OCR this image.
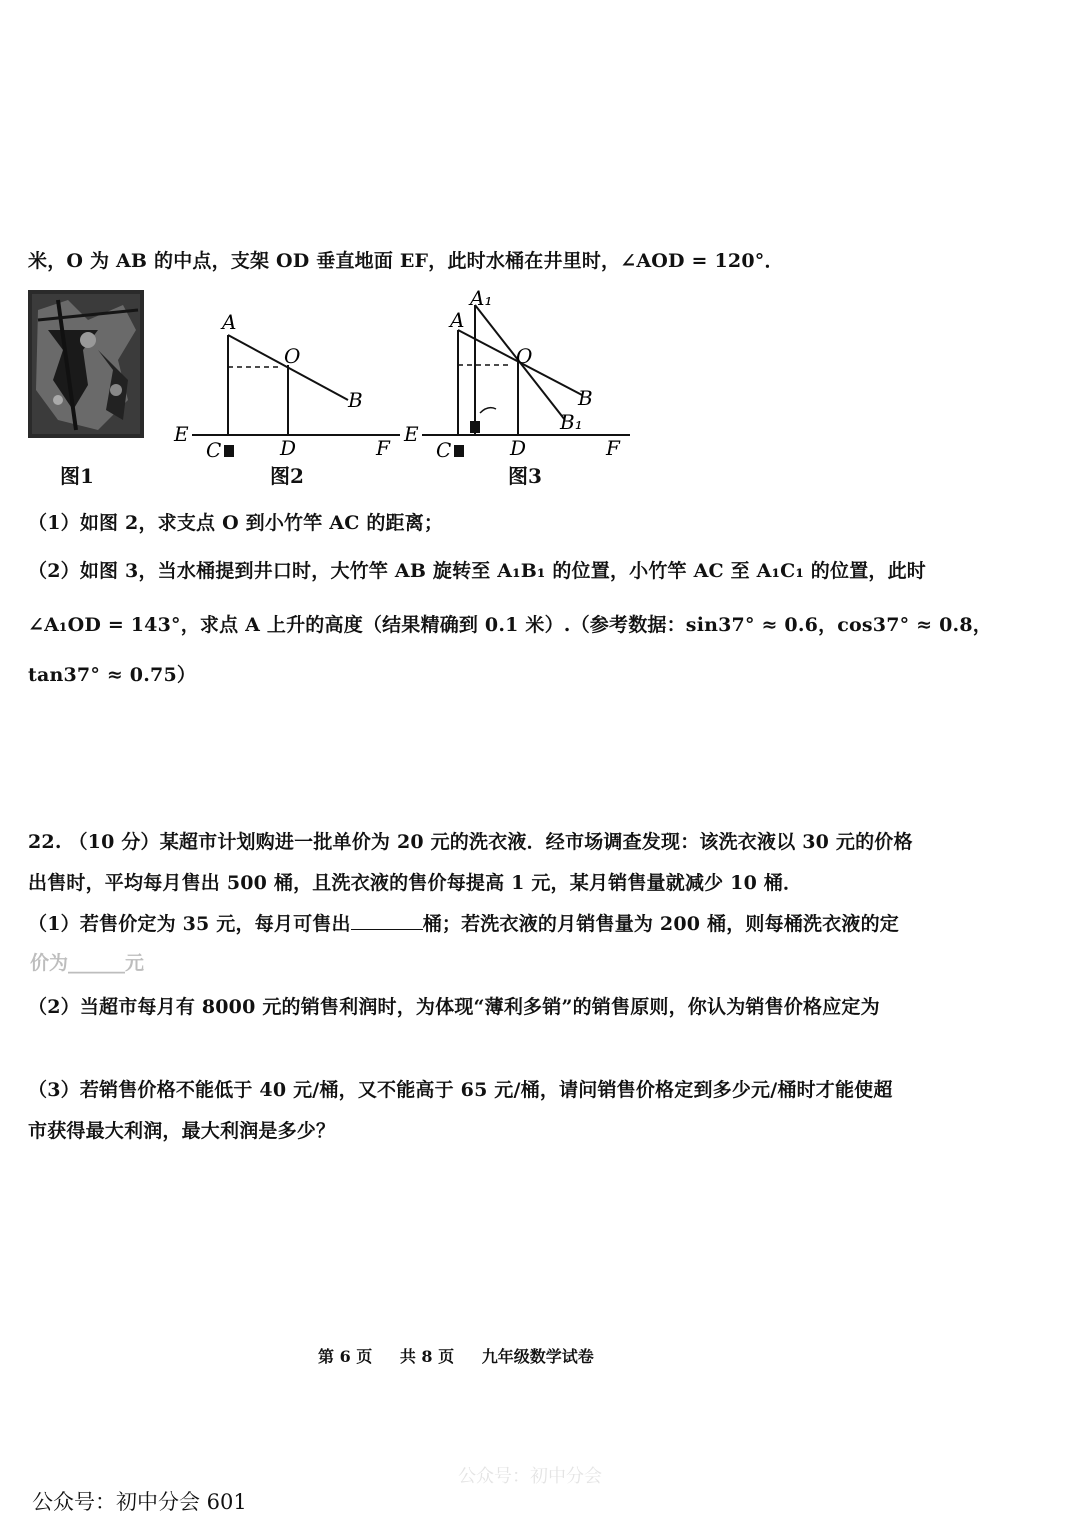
米，O 为 AB 的中点，支架 OD 垂直地面 EF，此时水桶在井里时，∠AOD = 120°．
图1
A
O
B
E
C	D	F
图2
A₁
A
O
B
B₁
E
C	D	F
图3
（1）如图 2，求支点 O 到小竹竿 AC 的距离；
（2）如图 3，当水桶提到井口时，大竹竿 AB 旋转至 A₁B₁ 的位置，小竹竿 AC 至 A₁C₁ 的位置，此时
∠A₁OD = 143°，求点 A 上升的高度（结果精确到 0.1 米）.（参考数据：sin37° ≈ 0.6，cos37° ≈ 0.8，
tan37° ≈ 0.75）
22. （10 分）某超市计划购进一批单价为 20 元的洗衣液．经市场调查发现：该洗衣液以 30 元的价格
出售时，平均每月售出 500 桶，且洗衣液的售价每提高 1 元，某月销售量就减少 10 桶．
（1）若售价定为 35 元，每月可售出	桶；若洗衣液的月销售量为 200 桶，则每桶洗衣液的定
价为______元
（2）当超市每月有 8000 元的销售利润时，为体现“薄利多销”的销售原则，你认为销售价格应定为
（3）若销售价格不能低于 40 元/桶，又不能高于 65 元/桶，请问销售价格定到多少元/桶时才能使超
市获得最大利润，最大利润是多少？
第 6 页 共 8 页 九年级数学试卷
公众号：初中分会
公众号：初中分会 601
